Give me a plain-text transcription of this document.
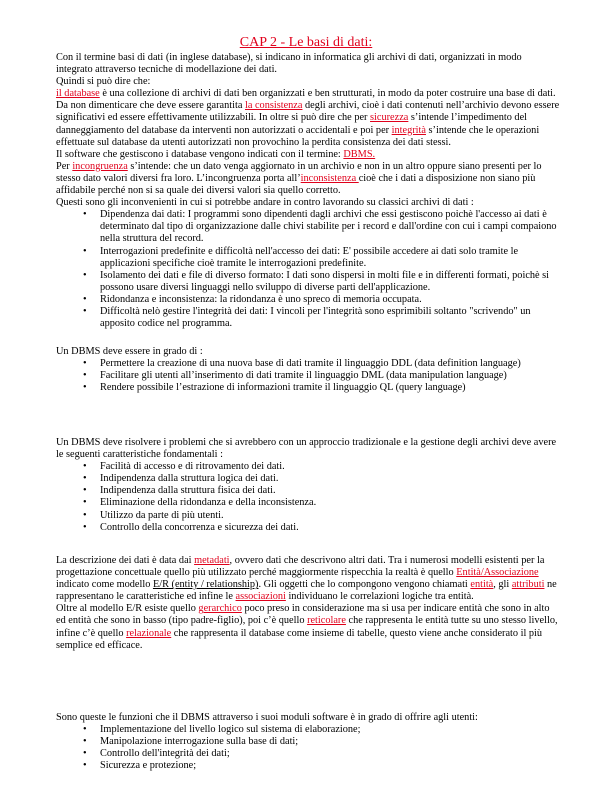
CAP 2 - Le basi di dati:
Con il termine basi di dati (in inglese database), si indicano in informatica gli archivi di dati, organizzati in modo integrato attraverso tecniche di modellazione dei dati.
Quindi si può dire che:
il database è una collezione di archivi di dati ben organizzati e ben strutturati, in modo da poter costruire una base di dati. Da non dimenticare che deve essere garantita la consistenza degli archivi, cioè i dati contenuti nell’archivio devono essere significativi ed essere effettivamente utilizzabili. In oltre si può dire che per sicurezza s’intende l’impedimento del danneggiamento del database da interventi non autorizzati o accidentali e poi per integrità s’intende che le operazioni effettuate sul database da utenti autorizzati non provochino la perdita consistenza dei dati stessi.
Il software che gestiscono i database vengono indicati con il termine: DBMS.
Per incongruenza s’intende: che un dato venga aggiornato in un archivio e non in un altro oppure siano presenti per lo stesso dato valori diversi fra loro. L’incongruenza porta all’inconsistenza cioè che i dati a disposizione non siano più affidabile perché non si sa quale dei diversi valori sia quello corretto.
Questi sono gli inconvenienti in cui si potrebbe andare in contro lavorando su classici archivi di dati :
• Dipendenza dai dati: I programmi sono dipendenti dagli archivi che essi gestiscono poichè l'accesso ai dati è determinato dal tipo di organizzazione dalle chivi stabilite per i record e dall'ordine con cui i campi compaiono nella struttura del record.
• Interrogazioni predefinite e difficoltà nell'accesso dei dati: E' possibile accedere ai dati solo tramite le applicazioni specifiche cioè tramite le interrogazioni predefinite.
• Isolamento dei dati e file di diverso formato: I dati sono dispersi in molti file e in differenti formati, poichè si possono usare diversi linguaggi nello sviluppo di diverse parti dell'applicazione.
• Ridondanza e inconsistenza: la ridondanza è uno spreco di memoria occupata.
• Difficoltà nelò gestire l'integrità dei dati: I vincoli per l'integrità sono esprimibili soltanto "scrivendo" un apposito codice nel programma.
Un DBMS deve essere in grado di :
• Permettere la creazione di una nuova base di dati tramite il linguaggio DDL (data definition language)
• Facilitare gli utenti all’inserimento di dati tramite il linguaggio DML (data manipulation language)
• Rendere possibile l’estrazione di informazioni tramite il linguaggio QL (query language)
Un DBMS deve risolvere i problemi che si avrebbero con un approccio tradizionale e la gestione degli archivi deve avere le seguenti caratteristiche fondamentali :
• Facilità di accesso e di ritrovamento dei dati.
• Indipendenza dalla struttura logica dei dati.
• Indipendenza dalla struttura fisica dei dati.
• Eliminazione della ridondanza e della inconsistenza.
• Utilizzo da parte di più utenti.
• Controllo della concorrenza e sicurezza dei dati.
La descrizione dei dati è data dai metadati, ovvero dati che descrivono altri dati. Tra i numerosi modelli esistenti per la progettazione concettuale quello più utilizzato perché maggiormente rispecchia la realtà è quello Entità/Associazione indicato come modello E/R (entity / relationship). Gli oggetti che lo compongono vengono chiamati entità, gli attributi ne rappresentano le caratteristiche ed infine le associazioni individuano le correlazioni logiche tra entità.
Oltre al modello E/R esiste quello gerarchico poco preso in considerazione ma si usa per indicare entità che sono in alto ed entità che sono in basso (tipo padre-figlio), poi c’è quello reticolare che rappresenta le entità tutte su uno stesso livello, infine c’è quello relazionale che rappresenta il database come insieme di tabelle, questo viene anche considerato il più semplice ed efficace.
Sono queste le funzioni che il DBMS attraverso i suoi moduli software è in grado di offrire agli utenti:
• Implementazione del livello logico sul sistema di elaborazione;
• Manipolazione interrogazione sulla base di dati;
• Controllo dell'integrità dei dati;
• Sicurezza e protezione;
